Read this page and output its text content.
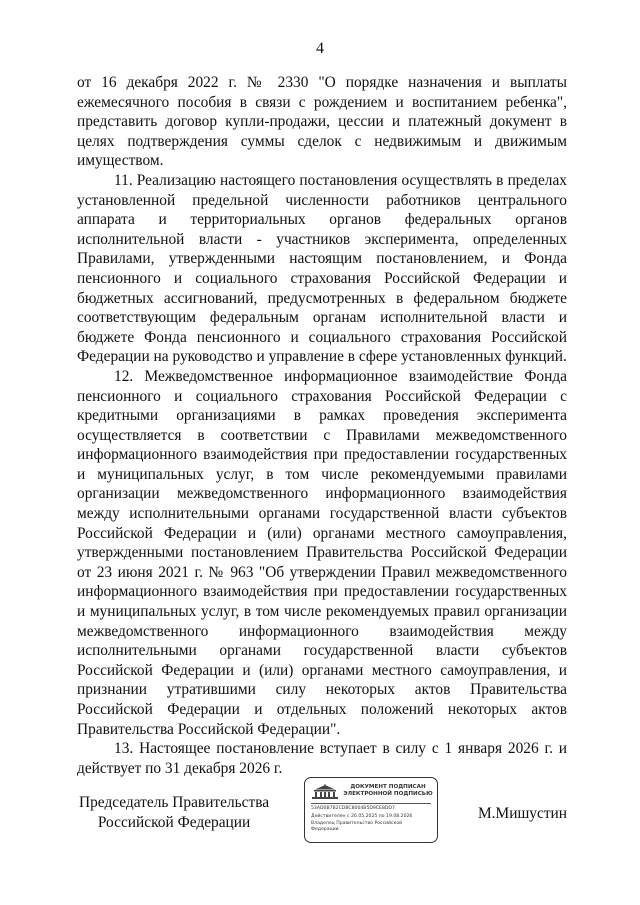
4

от 16 декабря 2022 г. № 2330 "О порядке назначения и выплаты ежемесячного пособия в связи с рождением и воспитанием ребенка", представить договор купли-продажи, цессии и платежный документ в целях подтверждения суммы сделок с недвижимым и движимым имуществом.

11. Реализацию настоящего постановления осуществлять в пределах установленной предельной численности работников центрального аппарата и территориальных органов федеральных органов исполнительной власти - участников эксперимента, определенных Правилами, утвержденными настоящим постановлением, и Фонда пенсионного и социального страхования Российской Федерации и бюджетных ассигнований, предусмотренных в федеральном бюджете соответствующим федеральным органам исполнительной власти и бюджете Фонда пенсионного и социального страхования Российской Федерации на руководство и управление в сфере установленных функций.

12. Межведомственное информационное взаимодействие Фонда пенсионного и социального страхования Российской Федерации с кредитными организациями в рамках проведения эксперимента осуществляется в соответствии с Правилами межведомственного информационного взаимодействия при предоставлении государственных и муниципальных услуг, в том числе рекомендуемыми правилами организации межведомственного информационного взаимодействия между исполнительными органами государственной власти субъектов Российской Федерации и (или) органами местного самоуправления, утвержденными постановлением Правительства Российской Федерации от 23 июня 2021 г. № 963 "Об утверждении Правил межведомственного информационного взаимодействия при предоставлении государственных и муниципальных услуг, в том числе рекомендуемых правил организации межведомственного информационного взаимодействия между исполнительными органами государственной власти субъектов Российской Федерации и (или) органами местного самоуправления, и признании утратившими силу некоторых актов Правительства Российской Федерации и отдельных положений некоторых актов Правительства Российской Федерации".

13. Настоящее постановление вступает в силу с 1 января 2026 г. и действует по 31 декабря 2026 г.

Председатель Правительства
Российской Федерации
ДОКУМЕНТ ПОДПИСАН
ЭЛЕКТРОННОЙ ПОДПИСЬЮ
53AD0B7B2CDBC8004B5D9CE8DD7
Действителен с 26.05.2025 по 19.08.2026
Владелец Правительство Российской
Федерации
М.Мишустин
